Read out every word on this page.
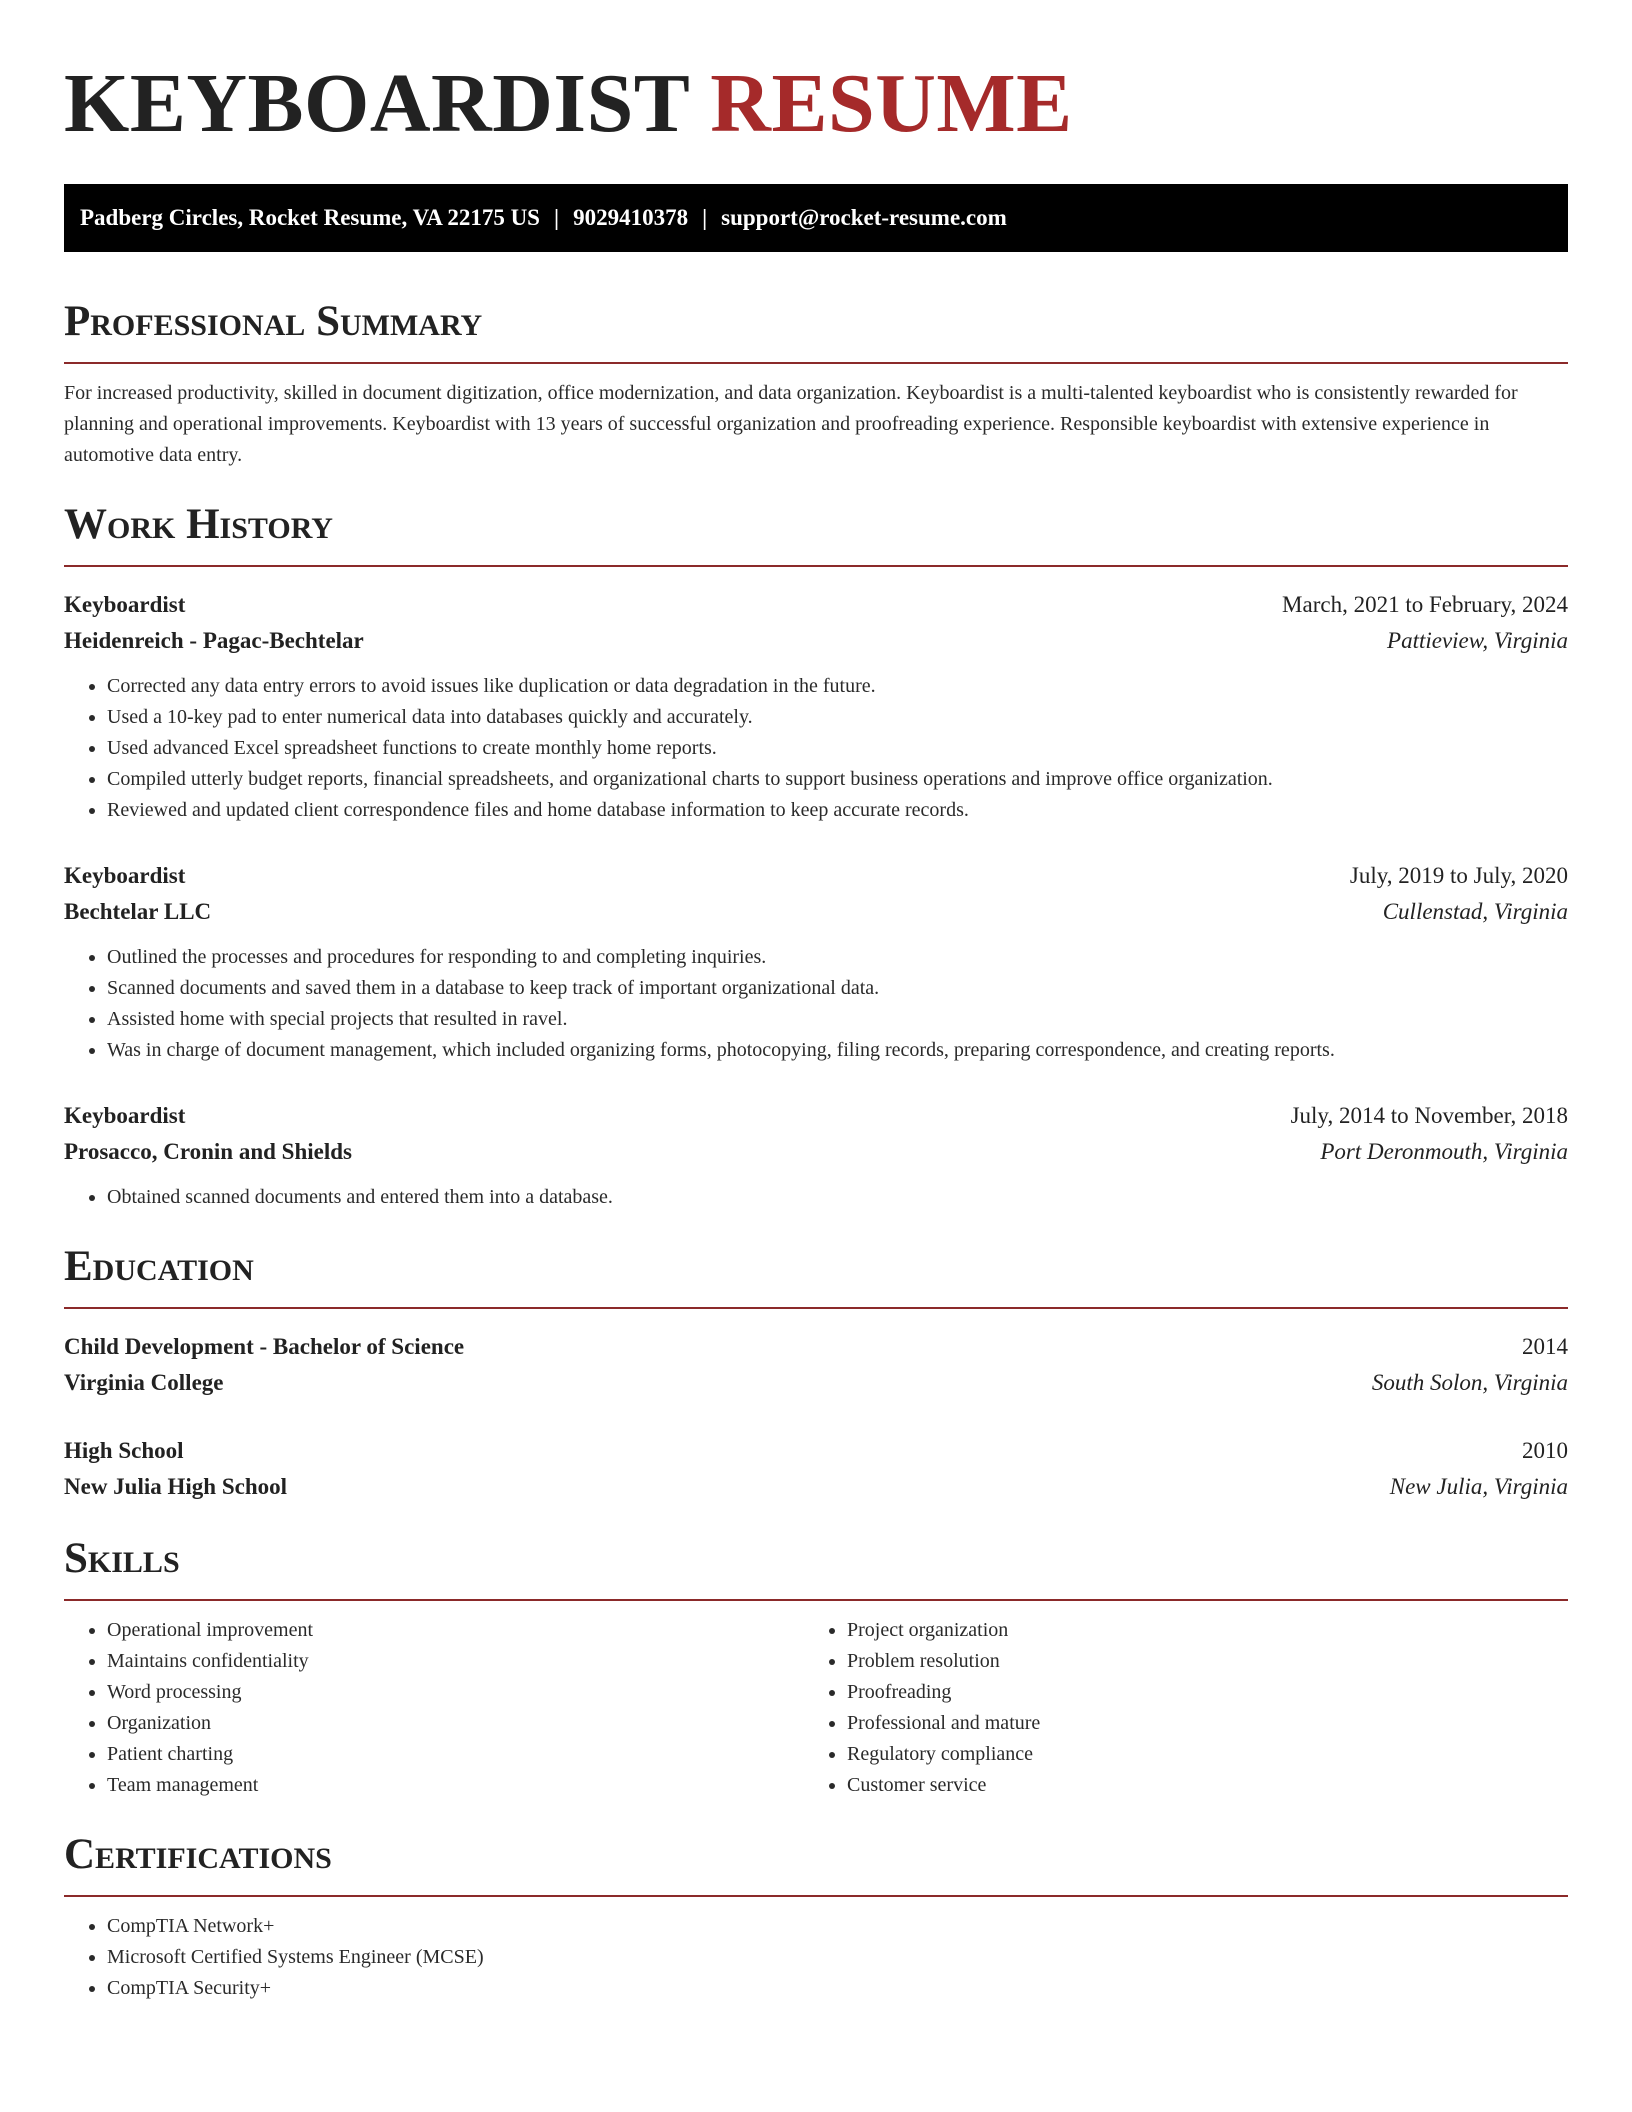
KEYBOARDIST RESUME
Padberg Circles, Rocket Resume, VA 22175 US | 9029410378 | support@rocket-resume.com
Professional Summary

For increased productivity, skilled in document digitization, office modernization, and data organization. Keyboardist is a multi-talented keyboardist who is consistently rewarded for planning and operational improvements. Keyboardist with 13 years of successful organization and proofreading experience. Responsible keyboardist with extensive experience in automotive data entry.

Work History
Keyboardist	March, 2021 to February, 2024
Heidenreich - Pagac-Bechtelar	Pattieview, Virginia
• Corrected any data entry errors to avoid issues like duplication or data degradation in the future.
• Used a 10-key pad to enter numerical data into databases quickly and accurately.
• Used advanced Excel spreadsheet functions to create monthly home reports.
• Compiled utterly budget reports, financial spreadsheets, and organizational charts to support business operations and improve office organization.
• Reviewed and updated client correspondence files and home database information to keep accurate records.
Keyboardist	July, 2019 to July, 2020
Bechtelar LLC	Cullenstad, Virginia
• Outlined the processes and procedures for responding to and completing inquiries.
• Scanned documents and saved them in a database to keep track of important organizational data.
• Assisted home with special projects that resulted in ravel.
• Was in charge of document management, which included organizing forms, photocopying, filing records, preparing correspondence, and creating reports.
Keyboardist	July, 2014 to November, 2018
Prosacco, Cronin and Shields	Port Deronmouth, Virginia
• Obtained scanned documents and entered them into a database.
Education
Child Development - Bachelor of Science	2014
Virginia College	South Solon, Virginia
High School	2010
New Julia High School	New Julia, Virginia
Skills
• Operational improvement
• Maintains confidentiality
• Word processing
• Organization
• Patient charting
• Team management
• Project organization
• Problem resolution
• Proofreading
• Professional and mature
• Regulatory compliance
• Customer service
Certifications
• CompTIA Network+
• Microsoft Certified Systems Engineer (MCSE)
• CompTIA Security+
